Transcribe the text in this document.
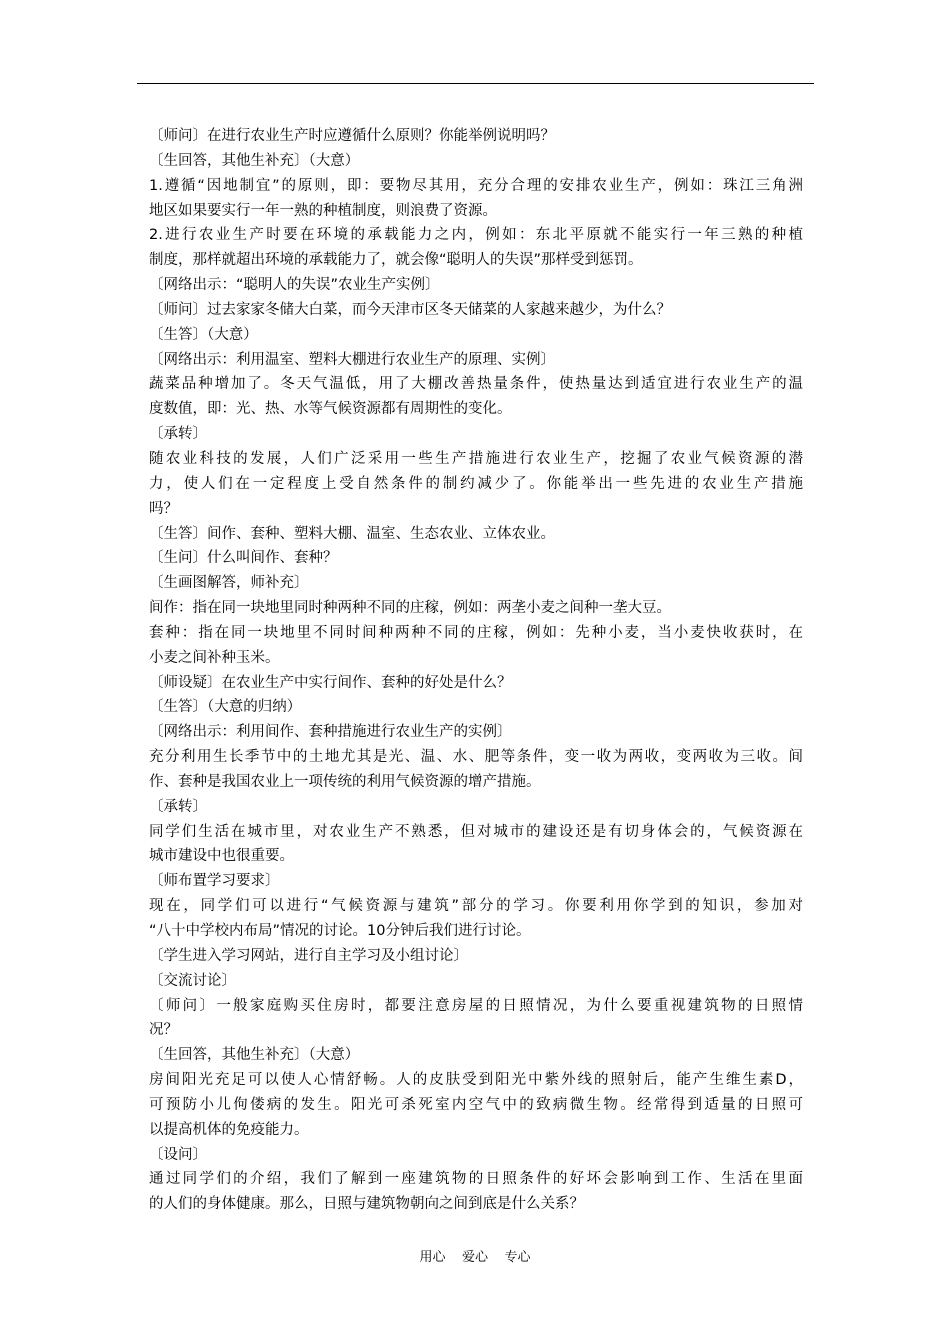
〔师问〕在进行农业生产时应遵循什么原则？你能举例说明吗？
〔生回答，其他生补充〕（大意）
1.遵循“因地制宜”的原则，即：要物尽其用，充分合理的安排农业生产，例如：珠江三角洲
地区如果要实行一年一熟的种植制度，则浪费了资源。
2.进行农业生产时要在环境的承载能力之内，例如：东北平原就不能实行一年三熟的种植
制度，那样就超出环境的承载能力了，就会像“聪明人的失误”那样受到惩罚。
〔网络出示：“聪明人的失误”农业生产实例〕
〔师问〕过去家家冬储大白菜，而今天津市区冬天储菜的人家越来越少，为什么？
〔生答〕（大意）
〔网络出示：利用温室、塑料大棚进行农业生产的原理、实例〕
蔬菜品种增加了。冬天气温低，用了大棚改善热量条件，使热量达到适宜进行农业生产的温
度数值，即：光、热、水等气候资源都有周期性的变化。
〔承转〕
随农业科技的发展，人们广泛采用一些生产措施进行农业生产，挖掘了农业气候资源的潜
力，使人们在一定程度上受自然条件的制约减少了。你能举出一些先进的农业生产措施
吗？
〔生答〕间作、套种、塑料大棚、温室、生态农业、立体农业。
〔生问〕什么叫间作、套种？
〔生画图解答，师补充〕
间作：指在同一块地里同时种两种不同的庄稼，例如：两垄小麦之间种一垄大豆。
套种：指在同一块地里不同时间种两种不同的庄稼，例如：先种小麦，当小麦快收获时，在
小麦之间补种玉米。
〔师设疑〕在农业生产中实行间作、套种的好处是什么？
〔生答〕（大意的归纳）
〔网络出示：利用间作、套种措施进行农业生产的实例〕
充分利用生长季节中的土地尤其是光、温、水、肥等条件，变一收为两收，变两收为三收。间
作、套种是我国农业上一项传统的利用气候资源的增产措施。
〔承转〕
同学们生活在城市里，对农业生产不熟悉，但对城市的建设还是有切身体会的，气候资源在
城市建设中也很重要。
〔师布置学习要求〕
现在，同学们可以进行“气候资源与建筑”部分的学习。你要利用你学到的知识，参加对
“八十中学校内布局”情况的讨论。10分钟后我们进行讨论。
〔学生进入学习网站，进行自主学习及小组讨论〕
〔交流讨论〕
〔师问〕一般家庭购买住房时，都要注意房屋的日照情况，为什么要重视建筑物的日照情
况？
〔生回答，其他生补充〕（大意）
房间阳光充足可以使人心情舒畅。人的皮肤受到阳光中紫外线的照射后，能产生维生素D，
可预防小儿佝偻病的发生。阳光可杀死室内空气中的致病微生物。经常得到适量的日照可
以提高机体的免疫能力。
〔设问〕
通过同学们的介绍，我们了解到一座建筑物的日照条件的好坏会影响到工作、生活在里面
的人们的身体健康。那么，日照与建筑物朝向之间到底是什么关系？
用心    爱心    专心
